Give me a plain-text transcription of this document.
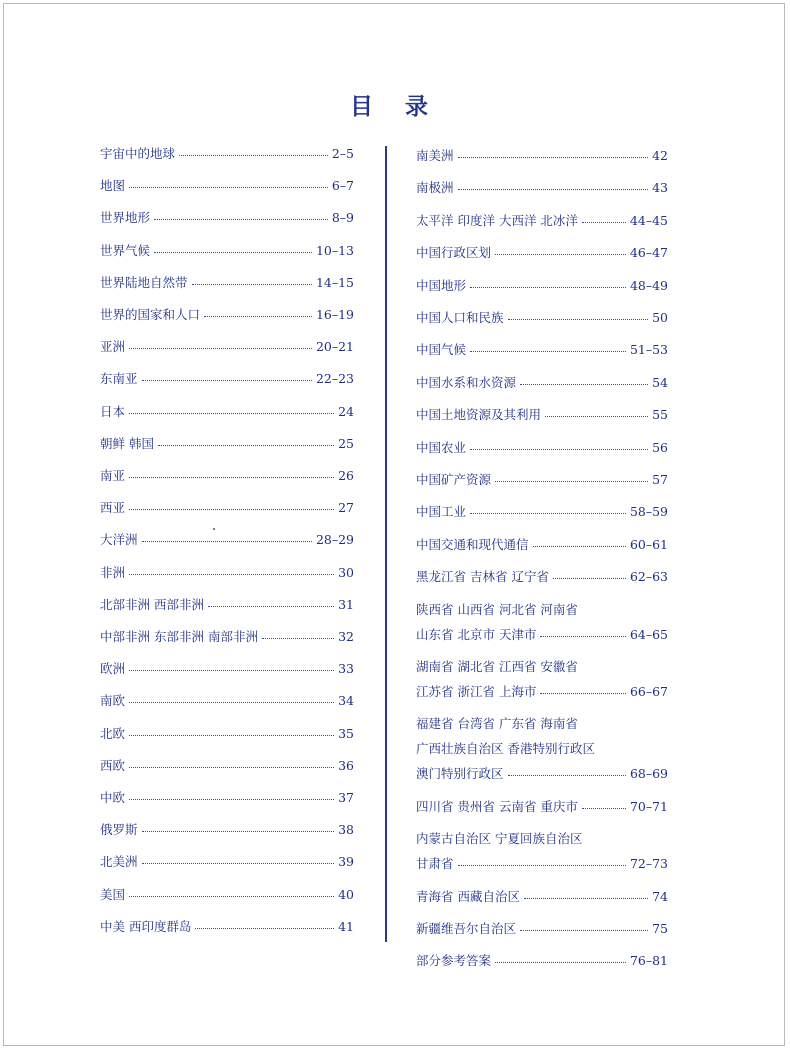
目 录
宇宙中的地球	2–5
地图	6–7
世界地形	8–9
世界气候	10–13
世界陆地自然带	14–15
世界的国家和人口	16–19
亚洲	20–21
东南亚	22–23
日本	24
朝鲜 韩国	25
南亚	26
西亚	27
大洋洲	28–29
非洲	30
北部非洲 西部非洲	31
中部非洲 东部非洲 南部非洲	32
欧洲	33
南欧	34
北欧	35
西欧	36
中欧	37
俄罗斯	38
北美洲	39
美国	40
中美 西印度群岛	41
南美洲	42
南极洲	43
太平洋 印度洋 大西洋 北冰洋	44–45
中国行政区划	46–47
中国地形	48–49
中国人口和民族	50
中国气候	51–53
中国水系和水资源	54
中国土地资源及其利用	55
中国农业	56
中国矿产资源	57
中国工业	58–59
中国交通和现代通信	60–61
黑龙江省 吉林省 辽宁省	62–63
陕西省 山西省 河北省 河南省
山东省 北京市 天津市	64–65
湖南省 湖北省 江西省 安徽省
江苏省 浙江省 上海市	66–67
福建省 台湾省 广东省 海南省
广西壮族自治区 香港特别行政区
澳门特别行政区	68–69
四川省 贵州省 云南省 重庆市	70–71
内蒙古自治区 宁夏回族自治区
甘肃省	72–73
青海省 西藏自治区	74
新疆维吾尔自治区	75
部分参考答案	76–81
